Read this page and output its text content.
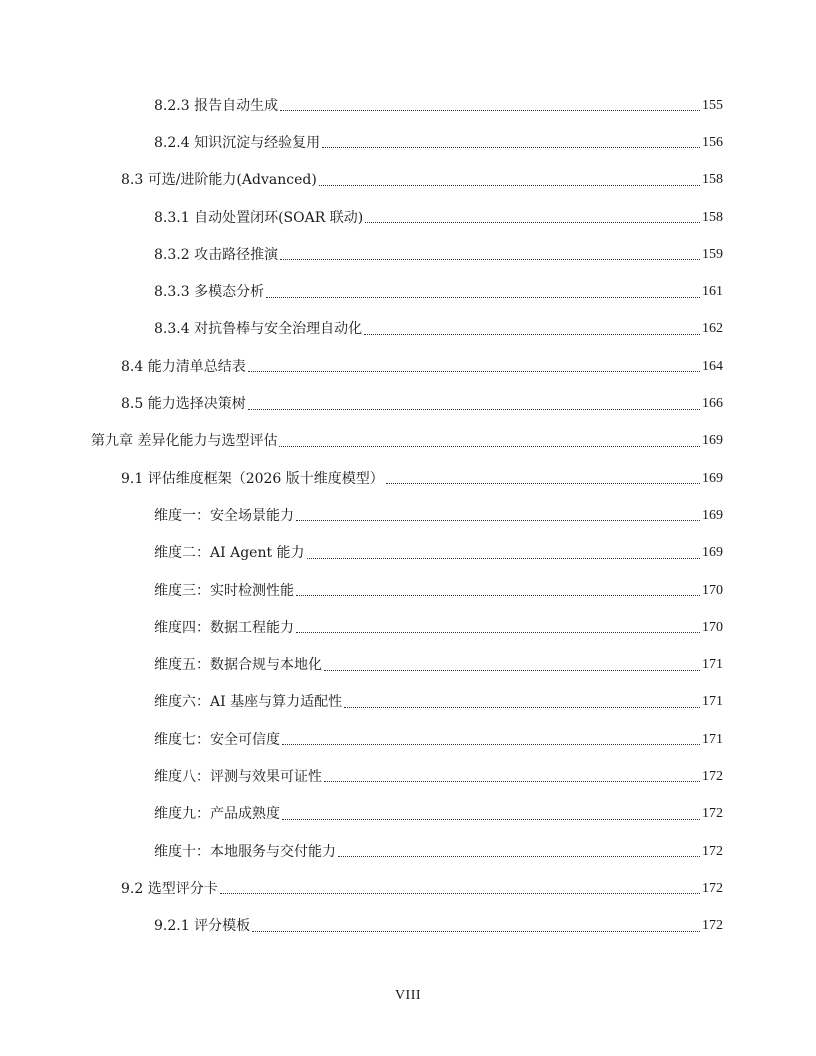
8.2.3 报告自动生成	155
8.2.4 知识沉淀与经验复用	156
8.3 可选/进阶能力(Advanced)	158
8.3.1 自动处置闭环(SOAR 联动)	158
8.3.2 攻击路径推演	159
8.3.3 多模态分析	161
8.3.4 对抗鲁棒与安全治理自动化	162
8.4 能力清单总结表	164
8.5 能力选择决策树	166
第九章 差异化能力与选型评估	169
9.1 评估维度框架（2026 版十维度模型）	169
维度一：安全场景能力	169
维度二：AI Agent 能力	169
维度三：实时检测性能	170
维度四：数据工程能力	170
维度五：数据合规与本地化	171
维度六：AI 基座与算力适配性	171
维度七：安全可信度	171
维度八：评测与效果可证性	172
维度九：产品成熟度	172
维度十：本地服务与交付能力	172
9.2 选型评分卡	172
9.2.1 评分模板	172
VIII
